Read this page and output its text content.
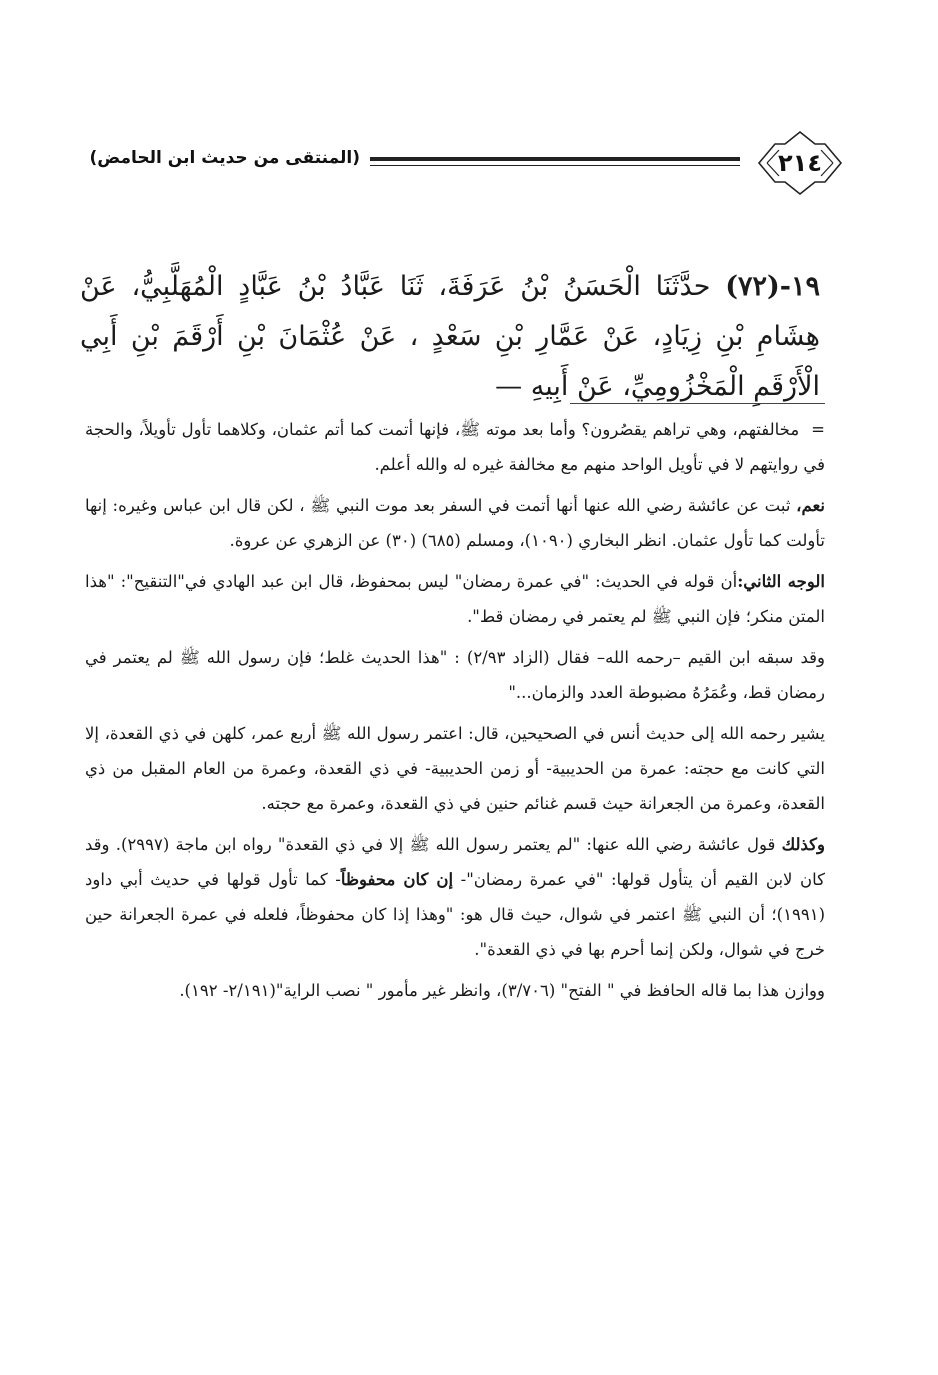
٢١٤
(المنتقى من حديث ابن الحامض)
١٩-(٧٢) حدَّثَنَا الْحَسَنُ بْنُ عَرَفَةَ، ثَنَا عَبَّادُ بْنُ عَبَّادٍ الْمُهَلَّبِيُّ، عَنْ هِشَامِ بْنِ زِيَادٍ، عَنْ عَمَّارِ بْنِ سَعْدٍ ، عَنْ عُثْمَانَ بْنِ أَرْقَمَ بْنِ أَبِي الْأَرْقَمِ الْمَخْزُومِيِّ، عَنْ أَبِيهِ —

=مخالفتهم، وهي تراهم يقصُرون؟ وأما بعد موته ﷺ، فإنها أتمت كما أتم عثمان، وكلاهما تأول تأويلاً، والحجة في روايتهم لا في تأويل الواحد منهم مع مخالفة غيره له والله أعلم.

نعم، ثبت عن عائشة رضي الله عنها أنها أتمت في السفر بعد موت النبي ﷺ ، لكن قال ابن عباس وغيره: إنها تأولت كما تأول عثمان. انظر البخاري (١٠٩٠)، ومسلم (٦٨٥) (٣٠) عن الزهري عن عروة.

الوجه الثاني:أن قوله في الحديث: "في عمرة رمضان" ليس بمحفوظ، قال ابن عبد الهادي في"التنقيح": "هذا المتن منكر؛ فإن النبي ﷺ لم يعتمر في رمضان قط".

وقد سبقه ابن القيم –رحمه الله– فقال (الزاد ٢/٩٣) : "هذا الحديث غلط؛ فإن رسول الله ﷺ لم يعتمر في رمضان قط، وعُمَرُهُ مضبوطة العدد والزمان..."

يشير رحمه الله إلى حديث أنس في الصحيحين، قال: اعتمر رسول الله ﷺ أربع عمر، كلهن في ذي القعدة، إلا التي كانت مع حجته: عمرة من الحديبية- أو زمن الحديبية- في ذي القعدة، وعمرة من العام المقبل من ذي القعدة، وعمرة من الجعرانة حيث قسم غنائم حنين في ذي القعدة، وعمرة مع حجته.

وكذلك قول عائشة رضي الله عنها: "لم يعتمر رسول الله ﷺ إلا في ذي القعدة" رواه ابن ماجة (٢٩٩٧). وقد كان لابن القيم أن يتأول قولها: "في عمرة رمضان"- إن كان محفوظاً- كما تأول قولها في حديث أبي داود (١٩٩١)؛ أن النبي ﷺ اعتمر في شوال، حيث قال هو: "وهذا إذا كان محفوظاً، فلعله في عمرة الجعرانة حين خرج في شوال، ولكن إنما أحرم بها في ذي القعدة".

ووازن هذا بما قاله الحافظ في " الفتح" (٣/٧٠٦)، وانظر غير مأمور " نصب الراية"(٢/١٩١- ١٩٢).
